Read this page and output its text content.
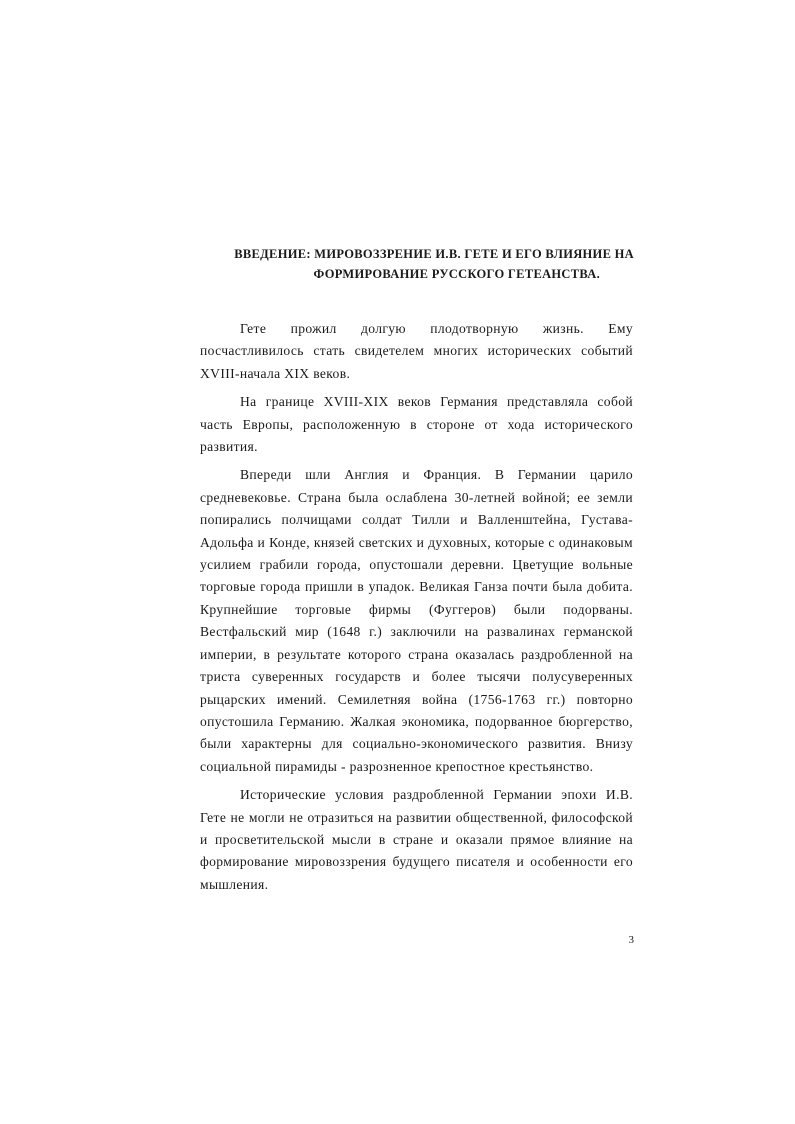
ВВЕДЕНИЕ: МИРОВОЗЗРЕНИЕ И.В. ГЕТЕ И ЕГО ВЛИЯНИЕ НА
ФОРМИРОВАНИЕ РУССКОГО ГЕТЕАНСТВА.

Гете прожил долгую плодотворную жизнь. Ему посчастливилось стать свидетелем многих исторических событий XVIII-начала XIX веков.

На границе XVIII-XIX веков Германия представляла собой часть Европы, расположенную в стороне от хода исторического развития.

Впереди шли Англия и Франция. В Германии царило средневековье. Страна была ослаблена 30-летней войной; ее земли попирались полчищами солдат Тилли и Валленштейна, Густава-Адольфа и Конде, князей светских и духовных, которые с одинаковым усилием грабили города, опустошали деревни. Цветущие вольные торговые города пришли в упадок. Великая Ганза почти была добита. Крупнейшие торговые фирмы (Фуггеров) были подорваны. Вестфальский мир (1648 г.) заключили на развалинах германской империи, в результате которого страна оказалась раздробленной на триста суверенных государств и более тысячи полусуверенных рыцарских имений. Семилетняя война (1756-1763 гг.) повторно опустошила Германию. Жалкая экономика, подорванное бюргерство, были характерны для социально-экономического развития. Внизу социальной пирамиды - разрозненное крепостное крестьянство.

Исторические условия раздробленной Германии эпохи И.В. Гете не могли не отразиться на развитии общественной, философской и просветительской мысли в стране и оказали прямое влияние на формирование мировоззрения будущего писателя и особенности его мышления.

3
